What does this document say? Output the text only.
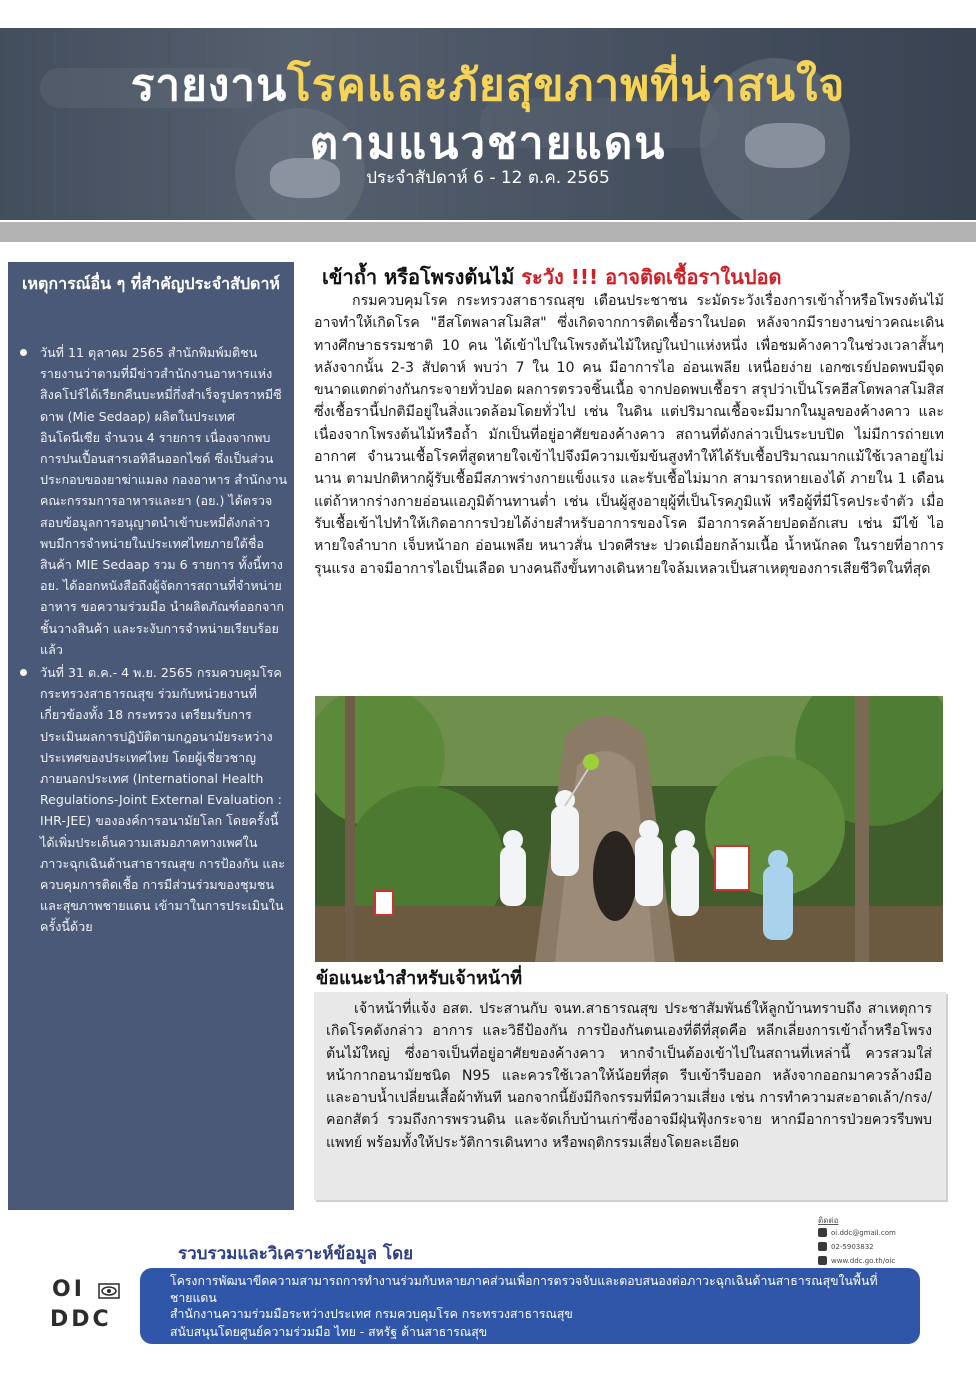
รายงานโรคและภัยสุขภาพที่น่าสนใจ
ตามแนวชายแดน
ประจำสัปดาห์ 6 - 12 ต.ค. 2565
เหตุการณ์อื่น ๆ ที่สำคัญประจำสัปดาห์
วันที่ 11 ตุลาคม 2565 สำนักพิมพ์มติชน รายงานว่าตามที่มีข่าวสำนักงานอาหารแห่งสิงคโปร์ได้เรียกคืนบะหมี่กึ่งสำเร็จรูปตราหมีซีดาพ (Mie Sedaap) ผลิตในประเทศอินโดนีเซีย จำนวน 4 รายการ เนื่องจากพบการปนเปื้อนสารเอทิลีนออกไซด์ ซึ่งเป็นส่วนประกอบของยาฆ่าแมลง กองอาหาร สำนักงานคณะกรรมการอาหารและยา (อย.) ได้ตรวจสอบข้อมูลการอนุญาตนำเข้าบะหมี่ดังกล่าว พบมีการจำหน่ายในประเทศไทยภายใต้ชื่อสินค้า MIE Sedaap รวม 6 รายการ ทั้งนี้ทาง อย. ได้ออกหนังสือถึงผู้จัดการสถานที่จำหน่ายอาหาร ขอความร่วมมือ นำผลิตภัณฑ์ออกจากชั้นวางสินค้า และระงับการจำหน่ายเรียบร้อยแล้ว
วันที่ 31 ต.ค.- 4 พ.ย. 2565 กรมควบคุมโรค กระทรวงสาธารณสุข ร่วมกับหน่วยงานที่เกี่ยวข้องทั้ง 18 กระทรวง เตรียมรับการประเมินผลการปฏิบัติตามกฎอนามัยระหว่างประเทศของประเทศไทย โดยผู้เชี่ยวชาญภายนอกประเทศ (International Health Regulations-Joint External Evaluation : IHR-JEE) ขององค์การอนามัยโลก โดยครั้งนี้ได้เพิ่มประเด็นความเสมอภาคทางเพศในภาวะฉุกเฉินด้านสาธารณสุข การป้องกัน และควบคุมการติดเชื้อ การมีส่วนร่วมของชุมชน และสุขภาพชายแดน เข้ามาในการประเมินในครั้งนี้ด้วย
เข้าถ้ำ หรือโพรงต้นไม้ ระวัง !!! อาจติดเชื้อราในปอด

กรมควบคุมโรค กระทรวงสาธารณสุข เตือนประชาชน ระมัดระวังเรื่องการเข้าถ้ำหรือโพรงต้นไม้ อาจทำให้เกิดโรค "ฮีสโตพลาสโมสิส" ซึ่งเกิดจากการติดเชื้อราในปอด หลังจากมีรายงานข่าวคณะเดินทางศึกษาธรรมชาติ 10 คน ได้เข้าไปในโพรงต้นไม้ใหญ่ในป่าแห่งหนึ่ง เพื่อชมค้างคาวในช่วงเวลาสั้นๆ หลังจากนั้น 2-3 สัปดาห์ พบว่า 7 ใน 10 คน มีอาการไอ อ่อนเพลีย เหนื่อยง่าย เอกซเรย์ปอดพบมีจุดขนาดแตกต่างกันกระจายทั่วปอด ผลการตรวจชิ้นเนื้อ จากปอดพบเชื้อรา สรุปว่าเป็นโรคฮีสโตพลาสโมสิส ซึ่งเชื้อรานี้ปกติมีอยู่ในสิ่งแวดล้อมโดยทั่วไป เช่น ในดิน แต่ปริมาณเชื้อจะมีมากในมูลของค้างคาว และเนื่องจากโพรงต้นไม้หรือถ้ำ มักเป็นที่อยู่อาศัยของค้างคาว สถานที่ดังกล่าวเป็นระบบปิด ไม่มีการถ่ายเทอากาศ จำนวนเชื้อโรคที่สูดหายใจเข้าไปจึงมีความเข้มข้นสูงทำให้ได้รับเชื้อปริมาณมากแม้ใช้เวลาอยู่ไม่นาน ตามปกติหากผู้รับเชื้อมีสภาพร่างกายแข็งแรง และรับเชื้อไม่มาก สามารถหายเองได้ ภายใน 1 เดือน แต่ถ้าหากร่างกายอ่อนแอภูมิต้านทานต่ำ เช่น เป็นผู้สูงอายุผู้ที่เป็นโรคภูมิแพ้ หรือผู้ที่มีโรคประจำตัว เมื่อรับเชื้อเข้าไปทำให้เกิดอาการป่วยได้ง่ายสำหรับอาการของโรค มีอาการคล้ายปอดอักเสบ เช่น มีไข้ ไอ หายใจลำบาก เจ็บหน้าอก อ่อนเพลีย หนาวสั่น ปวดศีรษะ ปวดเมื่อยกล้ามเนื้อ น้ำหนักลด ในรายที่อาการรุนแรง อาจมีอาการไอเป็นเลือด บางคนถึงขั้นทางเดินหายใจล้มเหลวเป็นสาเหตุของการเสียชีวิตในที่สุด

ข้อแนะนำสำหรับเจ้าหน้าที่

เจ้าหน้าที่แจ้ง อสต. ประสานกับ จนท.สาธารณสุข ประชาสัมพันธ์ให้ลูกบ้านทราบถึง สาเหตุการเกิดโรคดังกล่าว อาการ และวิธีป้องกัน การป้องกันตนเองที่ดีที่สุดคือ หลีกเลี่ยงการเข้าถ้ำหรือโพรงต้นไม้ใหญ่ ซึ่งอาจเป็นที่อยู่อาศัยของค้างคาว หากจำเป็นต้องเข้าไปในสถานที่เหล่านี้ ควรสวมใส่หน้ากากอนามัยชนิด N95 และควรใช้เวลาให้น้อยที่สุด รีบเข้ารีบออก หลังจากออกมาควรล้างมือ และอาบน้ำเปลี่ยนเสื้อผ้าทันที นอกจากนี้ยังมีกิจกรรมที่มีความเสี่ยง เช่น การทำความสะอาดเล้า/กรง/คอกสัตว์ รวมถึงการพรวนดิน และจัดเก็บบ้านเก่าซึ่งอาจมีฝุ่นฟุ้งกระจาย หากมีอาการป่วยควรรีบพบแพทย์ พร้อมทั้งให้ประวัติการเดินทาง หรือพฤติกรรมเสี่ยงโดยละเอียด

ติดต่อ
oi.ddc@gmail.com
02-5903832
www.ddc.go.th/oic
รวบรวมและวิเคราะห์ข้อมูล โดย

โครงการพัฒนาขีดความสามารถการทำงานร่วมกับหลายภาคส่วนเพื่อการตรวจจับและตอบสนองต่อภาวะฉุกเฉินด้านสาธารณสุขในพื้นที่ชายแดน

สำนักงานความร่วมมือระหว่างประเทศ กรมควบคุมโรค กระทรวงสาธารณสุข

สนับสนุนโดยศูนย์ความร่วมมือ ไทย - สหรัฐ ด้านสาธารณสุข

OI
DDC
